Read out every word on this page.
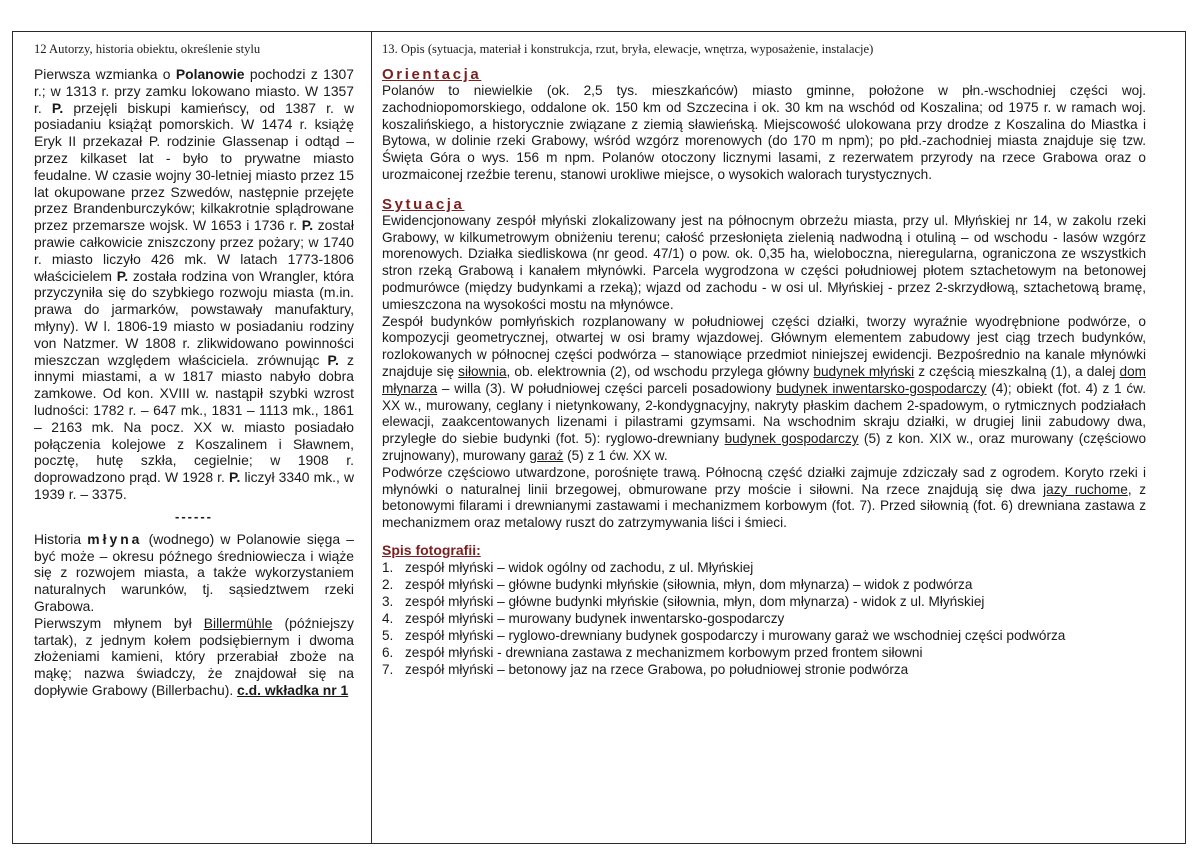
12 Autorzy, historia obiektu, określenie stylu

Pierwsza wzmianka o Polanowie pochodzi z 1307 r.; w 1313 r. przy zamku lokowano miasto. W 1357 r. P. przejęli biskupi kamieńscy, od 1387 r. w posiadaniu książąt pomorskich. W 1474 r. książę Eryk II przekazał P. rodzinie Glassenap i odtąd – przez kilkaset lat - było to prywatne miasto feudalne. W czasie wojny 30-letniej miasto przez 15 lat okupowane przez Szwedów, następnie przejęte przez Brandenburczyków; kilkakrotnie splądrowane przez przemarsze wojsk. W 1653 i 1736 r. P. został prawie całkowicie zniszczony przez pożary; w 1740 r. miasto liczyło 426 mk. W latach 1773-1806 właścicielem P. została rodzina von Wrangler, która przyczyniła się do szybkiego rozwoju miasta (m.in. prawa do jarmarków, powstawały manufaktury, młyny). W l. 1806-19 miasto w posiadaniu rodziny von Natzmer. W 1808 r. zlikwidowano powinności mieszczan względem właściciela. zrównując P. z innymi miastami, a w 1817 miasto nabyło dobra zamkowe. Od kon. XVIII w. nastąpił szybki wzrost ludności: 1782 r. – 647 mk., 1831 – 1113 mk., 1861 – 2163 mk. Na pocz. XX w. miasto posiadało połączenia kolejowe z Koszalinem i Sławnem, pocztę, hutę szkła, cegielnie; w 1908 r. doprowadzono prąd. W 1928 r. P. liczył 3340 mk., w 1939 r. – 3375.

------

Historia młyna (wodnego) w Polanowie sięga – być może – okresu późnego średniowiecza i wiąże się z rozwojem miasta, a także wykorzystaniem naturalnych warunków, tj. sąsiedztwem rzeki Grabowa.

Pierwszym młynem był Billermühle (późniejszy tartak), z jednym kołem podsiębiernym i dwoma złożeniami kamieni, który przerabiał zboże na mąkę; nazwa świadczy, że znajdował się na dopływie Grabowy (Billerbachu). c.d. wkładka nr 1

13. Opis (sytuacja, materiał i konstrukcja, rzut, bryła, elewacje, wnętrza, wyposażenie, instalacje)
Orientacja

Polanów to niewielkie (ok. 2,5 tys. mieszkańców) miasto gminne, położone w płn.-wschodniej części woj. zachodniopomorskiego, oddalone ok. 150 km od Szczecina i ok. 30 km na wschód od Koszalina; od 1975 r. w ramach woj. koszalińskiego, a historycznie związane z ziemią sławieńską. Miejscowość ulokowana przy drodze z Koszalina do Miastka i Bytowa, w dolinie rzeki Grabowy, wśród wzgórz morenowych (do 170 m npm); po płd.-zachodniej miasta znajduje się tzw. Święta Góra o wys. 156 m npm. Polanów otoczony licznymi lasami, z rezerwatem przyrody na rzece Grabowa oraz o urozmaiconej rzeźbie terenu, stanowi urokliwe miejsce, o wysokich walorach turystycznych.

Sytuacja

Ewidencjonowany zespół młyński zlokalizowany jest na północnym obrzeżu miasta, przy ul. Młyńskiej nr 14, w zakolu rzeki Grabowy, w kilkumetrowym obniżeniu terenu; całość przesłonięta zielenią nadwodną i otuliną – od wschodu - lasów wzgórz morenowych. Działka siedliskowa (nr geod. 47/1) o pow. ok. 0,35 ha, wieloboczna, nieregularna, ograniczona ze wszystkich stron rzeką Grabową i kanałem młynówki. Parcela wygrodzona w części południowej płotem sztachetowym na betonowej podmurówce (między budynkami a rzeką); wjazd od zachodu - w osi ul. Młyńskiej - przez 2-skrzydłową, sztachetową bramę, umieszczona na wysokości mostu na młynówce.

Zespół budynków pomłyńskich rozplanowany w południowej części działki, tworzy wyraźnie wyodrębnione podwórze, o kompozycji geometrycznej, otwartej w osi bramy wjazdowej. Głównym elementem zabudowy jest ciąg trzech budynków, rozlokowanych w północnej części podwórza – stanowiące przedmiot niniejszej ewidencji. Bezpośrednio na kanale młynówki znajduje się siłownia, ob. elektrownia (2), od wschodu przylega główny budynek młyński z częścią mieszkalną (1), a dalej dom młynarza – willa (3). W południowej części parceli posadowiony budynek inwentarsko-gospodarczy (4); obiekt (fot. 4) z 1 ćw. XX w., murowany, ceglany i nietynkowany, 2-kondygnacyjny, nakryty płaskim dachem 2-spadowym, o rytmicznych podziałach elewacji, zaakcentowanych lizenami i pilastrami gzymsami. Na wschodnim skraju działki, w drugiej linii zabudowy dwa, przyległe do siebie budynki (fot. 5): ryglowo-drewniany budynek gospodarczy (5) z kon. XIX w., oraz murowany (częściowo zrujnowany), murowany garaż (5) z 1 ćw. XX w.

Podwórze częściowo utwardzone, porośnięte trawą. Północną część działki zajmuje zdziczały sad z ogrodem. Koryto rzeki i młynówki o naturalnej linii brzegowej, obmurowane przy moście i siłowni. Na rzece znajdują się dwa jazy ruchome, z betonowymi filarami i drewnianymi zastawami i mechanizmem korbowym (fot. 7). Przed siłownią (fot. 6) drewniana zastawa z mechanizmem oraz metalowy ruszt do zatrzymywania liści i śmieci.

Spis fotografii:
1. zespół młyński – widok ogólny od zachodu, z ul. Młyńskiej
2. zespół młyński – główne budynki młyńskie (siłownia, młyn, dom młynarza) – widok z podwórza
3. zespół młyński – główne budynki młyńskie (siłownia, młyn, dom młynarza) - widok z ul. Młyńskiej
4. zespół młyński – murowany budynek inwentarsko-gospodarczy
5. zespół młyński – ryglowo-drewniany budynek gospodarczy i murowany garaż we wschodniej części podwórza
6. zespół młyński - drewniana zastawa z mechanizmem korbowym przed frontem siłowni
7. zespół młyński – betonowy jaz na rzece Grabowa, po południowej stronie podwórza
